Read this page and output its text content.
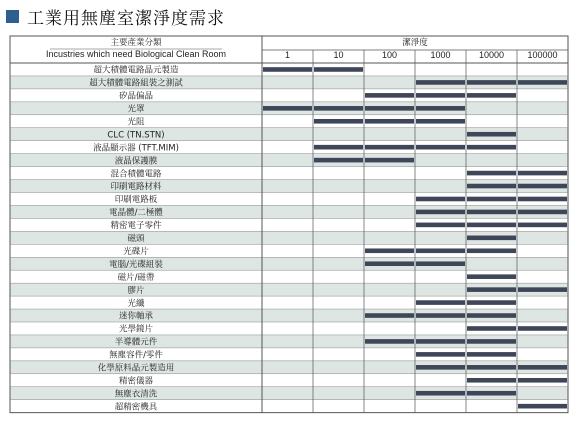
工業用無塵室潔淨度需求
主要產業分類
Incustries which need Biological Clean Room
潔淨度
1	10	100	1000	10000	100000
超大積體電路晶元製造
超大積體電路組裝之測試
矽晶偏晶
光罩
光阻
CLC (TN.STN)
液晶顯示器 (TFT.MIM)
液晶保護膜
混合積體電路
印刷電路材料
印刷電路板
電晶體/二極體
精密電子零件
磁頭
光碟片
電腦/光碟組裝
磁片/磁帶
膠片
光纖
迷你軸承
光學鏡片
半導體元件
無塵容件/零件
化學原料晶元製造用
精密儀器
無塵衣清洗
超精密機具
